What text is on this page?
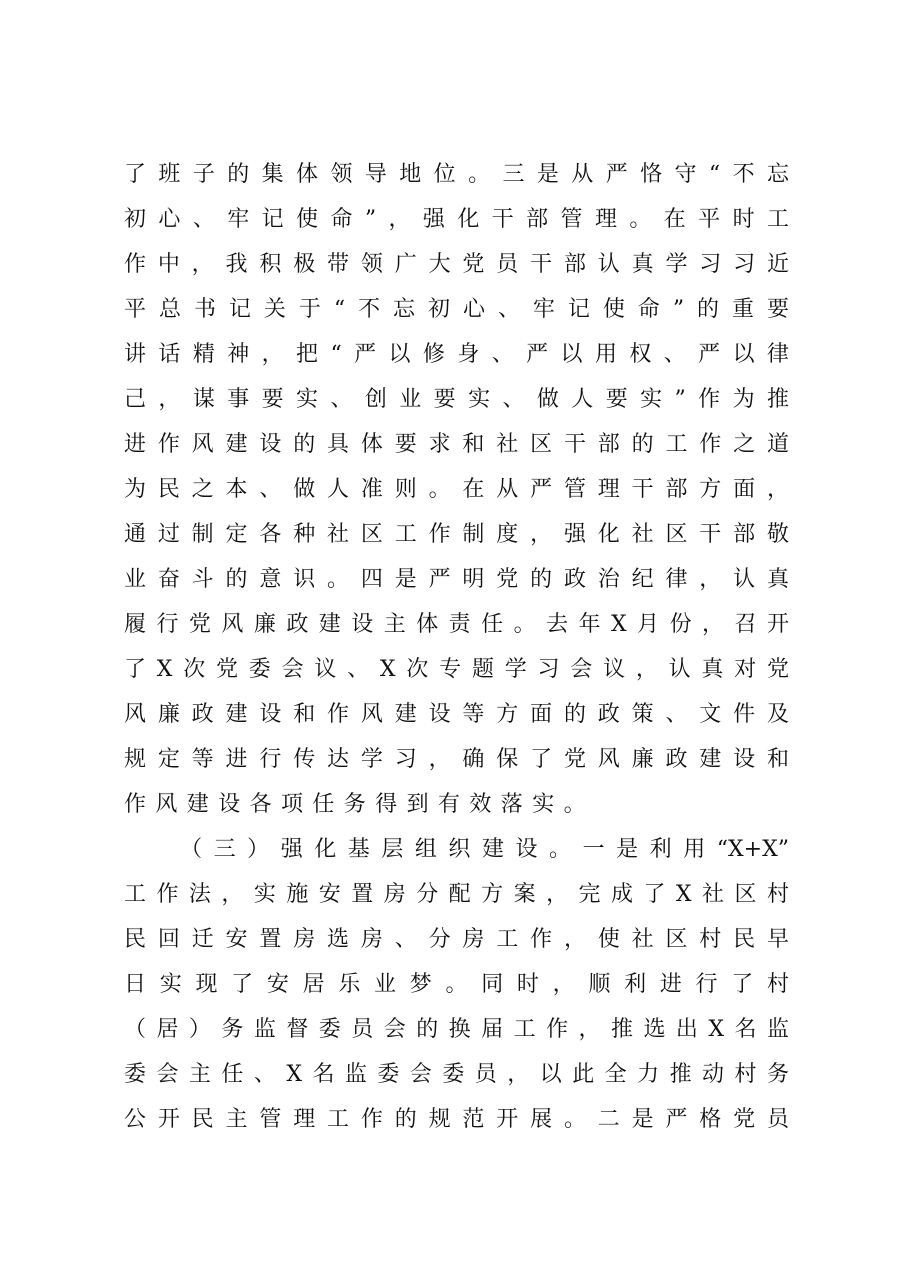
了班子的集体领导地位。三是从严恪守“不忘
初心、牢记使命”，强化干部管理。在平时工
作中，我积极带领广大党员干部认真学习习近
平总书记关于“不忘初心、牢记使命”的重要
讲话精神，把“严以修身、严以用权、严以律
己，谋事要实、创业要实、做人要实”作为推
进作风建设的具体要求和社区干部的工作之道
为民之本、做人准则。在从严管理干部方面，
通过制定各种社区工作制度，强化社区干部敬
业奋斗的意识。四是严明党的政治纪律，认真
履行党风廉政建设主体责任。去年X月份，召开
了X次党委会议、X次专题学习会议，认真对党
风廉政建设和作风建设等方面的政策、文件及
规定等进行传达学习，确保了党风廉政建设和
作风建设各项任务得到有效落实。
　　（三）强化基层组织建设。一是利用“X+X”
工作法，实施安置房分配方案，完成了X社区村
民回迁安置房选房、分房工作，使社区村民早
日实现了安居乐业梦。同时，顺利进行了村
（居）务监督委员会的换届工作，推选出X名监
委会主任、X名监委会委员，以此全力推动村务
公开民主管理工作的规范开展。二是严格党员
